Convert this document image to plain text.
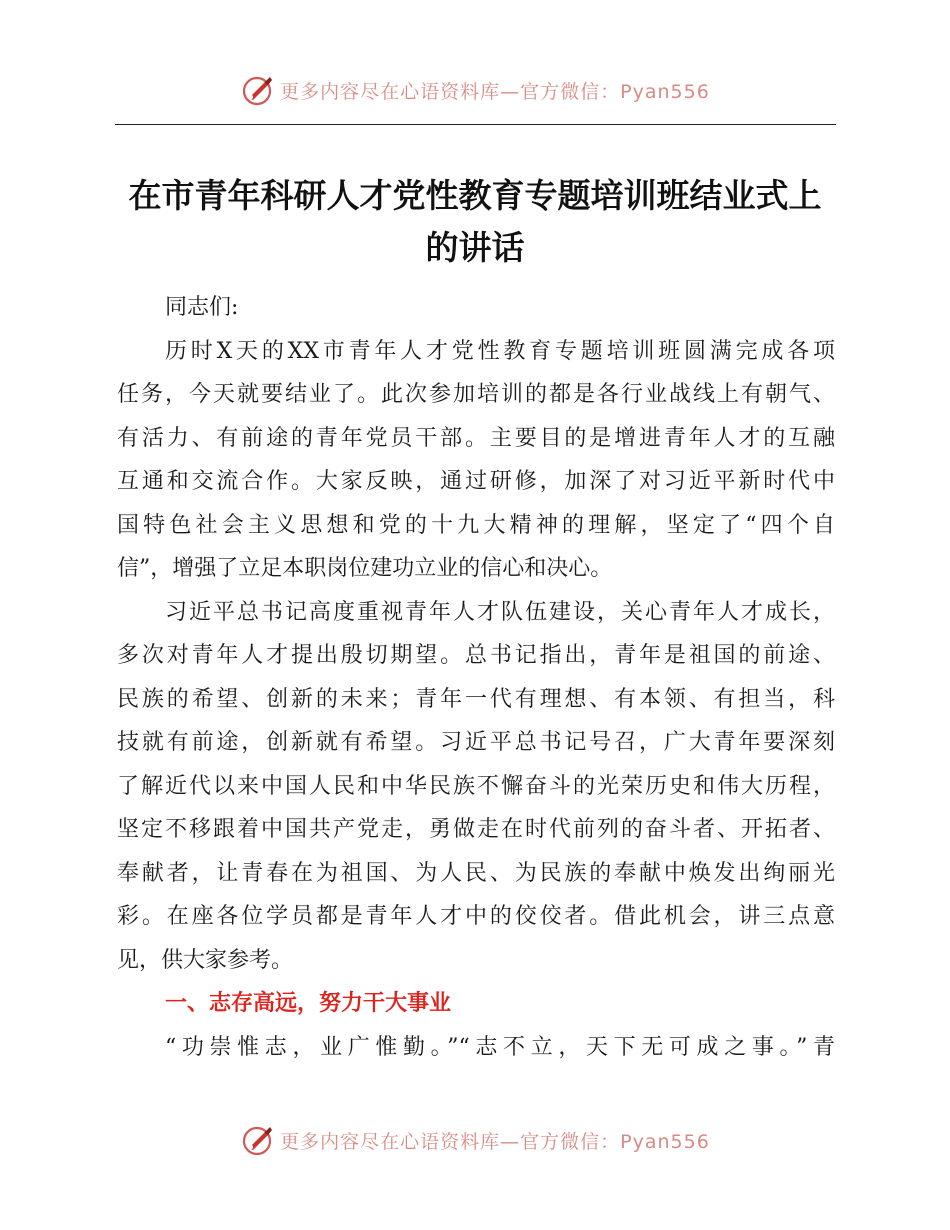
更多内容尽在心语资料库—官方微信：Pyan556
在市青年科研人才党性教育专题培训班结业式上
的讲话
同志们:
历时X天的XX市青年人才党性教育专题培训班圆满完成各项
任务，今天就要结业了。此次参加培训的都是各行业战线上有朝气、
有活力、有前途的青年党员干部。主要目的是增进青年人才的互融
互通和交流合作。大家反映，通过研修，加深了对习近平新时代中
国特色社会主义思想和党的十九大精神的理解，坚定了“四个自
信”，增强了立足本职岗位建功立业的信心和决心。
习近平总书记高度重视青年人才队伍建设，关心青年人才成长，
多次对青年人才提出殷切期望。总书记指出，青年是祖国的前途、
民族的希望、创新的未来；青年一代有理想、有本领、有担当，科
技就有前途，创新就有希望。习近平总书记号召，广大青年要深刻
了解近代以来中国人民和中华民族不懈奋斗的光荣历史和伟大历程，
坚定不移跟着中国共产党走，勇做走在时代前列的奋斗者、开拓者、
奉献者，让青春在为祖国、为人民、为民族的奉献中焕发出绚丽光
彩。在座各位学员都是青年人才中的佼佼者。借此机会，讲三点意
见，供大家参考。
一、志存高远，努力干大事业
“功崇惟志，业广惟勤。”“志不立，天下无可成之事。”青
更多内容尽在心语资料库—官方微信：Pyan556
